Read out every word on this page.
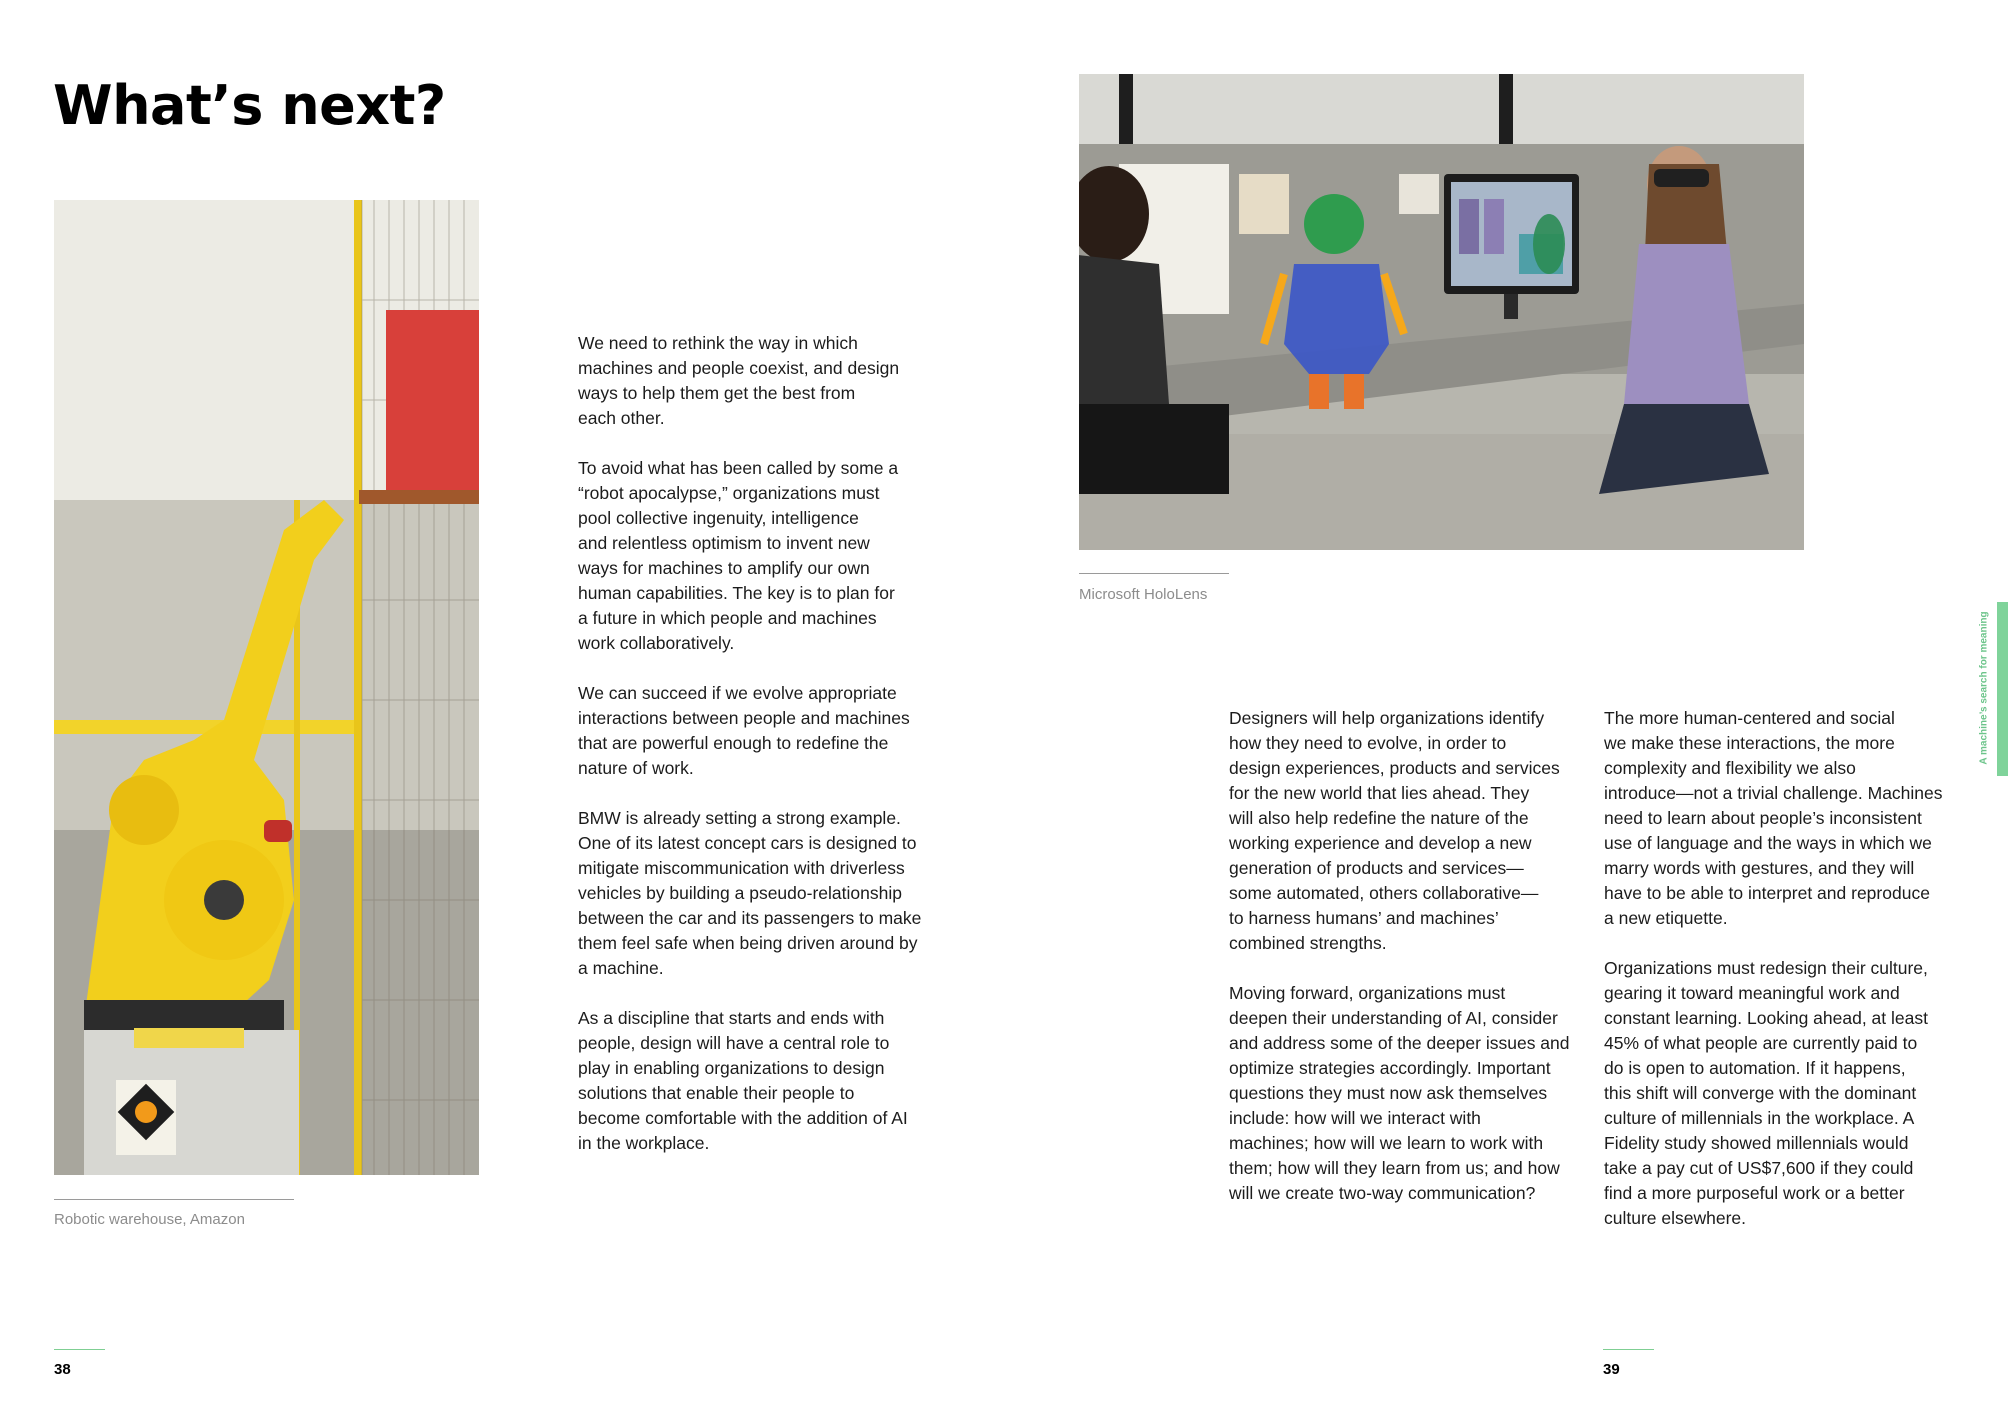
What’s next?
Robotic warehouse, Amazon
Microsoft HoloLens

We need to rethink the way in which
machines and people coexist, and design
ways to help them get the best from
each other.

To avoid what has been called by some a
“robot apocalypse,” organizations must
pool collective ingenuity, intelligence
and relentless optimism to invent new
ways for machines to amplify our own
human capabilities. The key is to plan for
a future in which people and machines
work collaboratively.

We can succeed if we evolve appropriate
interactions between people and machines
that are powerful enough to redefine the
nature of work.

BMW is already setting a strong example.
One of its latest concept cars is designed to
mitigate miscommunication with driverless
vehicles by building a pseudo-relationship
between the car and its passengers to make
them feel safe when being driven around by
a machine.

As a discipline that starts and ends with
people, design will have a central role to
play in enabling organizations to design
solutions that enable their people to
become comfortable with the addition of AI
in the workplace.

Designers will help organizations identify
how they need to evolve, in order to
design experiences, products and services
for the new world that lies ahead. They
will also help redefine the nature of the
working experience and develop a new
generation of products and services—
some automated, others collaborative—
to harness humans’ and machines’
combined strengths.

Moving forward, organizations must
deepen their understanding of AI, consider
and address some of the deeper issues and
optimize strategies accordingly. Important
questions they must now ask themselves
include: how will we interact with
machines; how will we learn to work with
them; how will they learn from us; and how
will we create two-way communication?

The more human-centered and social
we make these interactions, the more
complexity and flexibility we also
introduce—not a trivial challenge. Machines
need to learn about people’s inconsistent
use of language and the ways in which we
marry words with gestures, and they will
have to be able to interpret and reproduce
a new etiquette.

Organizations must redesign their culture,
gearing it toward meaningful work and
constant learning. Looking ahead, at least
45% of what people are currently paid to
do is open to automation. If it happens,
this shift will converge with the dominant
culture of millennials in the workplace. A
Fidelity study showed millennials would
take a pay cut of US$7,600 if they could
find a more purposeful work or a better
culture elsewhere.

38	39
A machine’s search for meaning
